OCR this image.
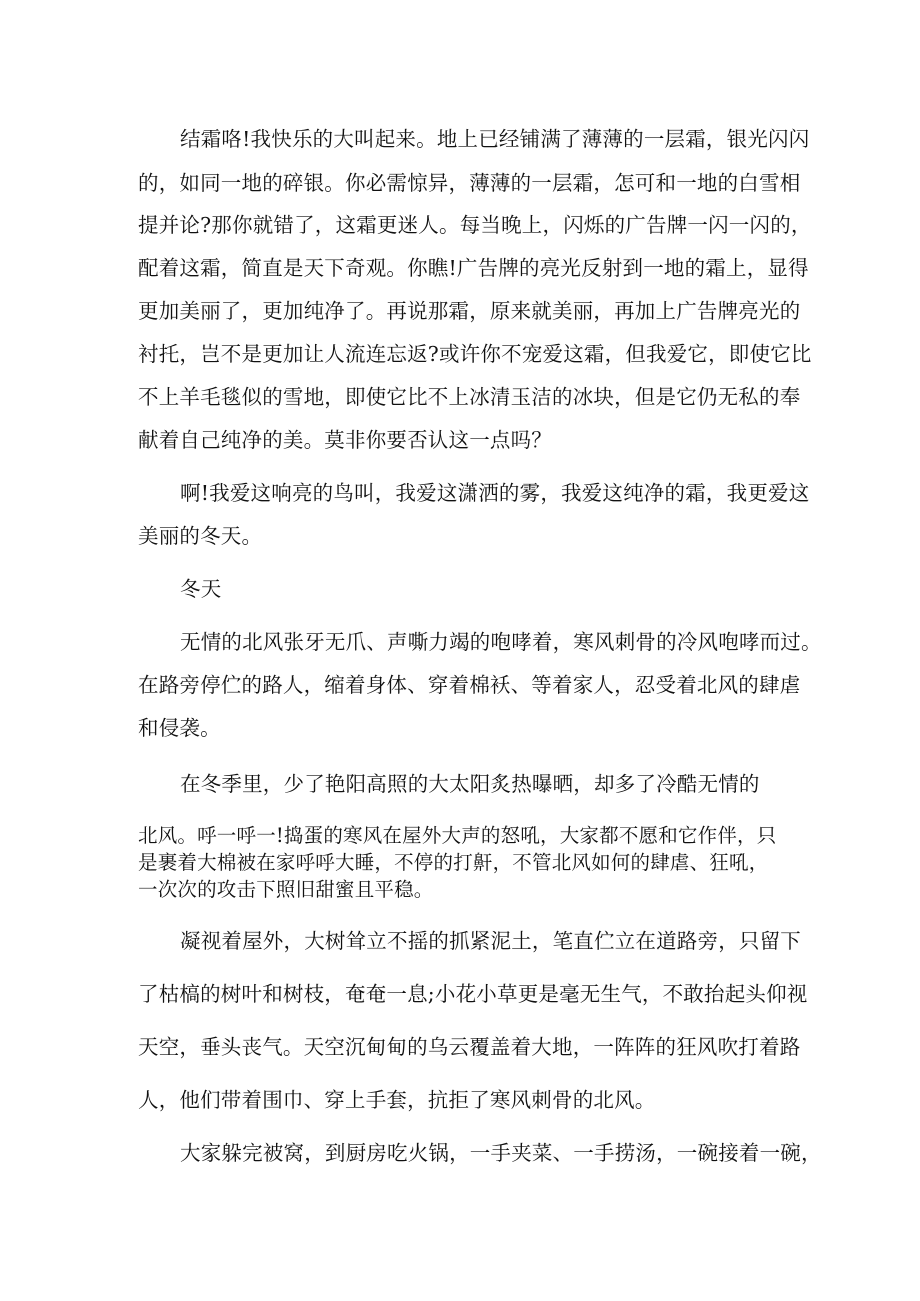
结霜咯!我快乐的大叫起来。地上已经铺满了薄薄的一层霜，银光闪闪
的，如同一地的碎银。你必需惊异，薄薄的一层霜，怎可和一地的白雪相
提并论?那你就错了，这霜更迷人。每当晚上，闪烁的广告牌一闪一闪的，
配着这霜，简直是天下奇观。你瞧!广告牌的亮光反射到一地的霜上，显得
更加美丽了，更加纯净了。再说那霜，原来就美丽，再加上广告牌亮光的
衬托，岂不是更加让人流连忘返?或许你不宠爱这霜，但我爱它，即使它比
不上羊毛毯似的雪地，即使它比不上冰清玉洁的冰块，但是它仍无私的奉
献着自己纯净的美。莫非你要否认这一点吗？
啊!我爱这响亮的鸟叫，我爱这潇洒的雾，我爱这纯净的霜，我更爱这
美丽的冬天。
冬天
无情的北风张牙无爪、声嘶力竭的咆哮着，寒风刺骨的冷风咆哮而过。
在路旁停伫的路人，缩着身体、穿着棉袄、等着家人，忍受着北风的肆虐
和侵袭。
在冬季里，少了艳阳高照的大太阳炙热曝晒，却多了冷酷无情的
北风。呼一呼一!捣蛋的寒风在屋外大声的怒吼，大家都不愿和它作伴，只
是裹着大棉被在家呼呼大睡，不停的打鼾，不管北风如何的肆虐、狂吼，
一次次的攻击下照旧甜蜜且平稳。
凝视着屋外，大树耸立不摇的抓紧泥土，笔直伫立在道路旁，只留下
了枯槁的树叶和树枝，奄奄一息;小花小草更是毫无生气，不敢抬起头仰视
天空，垂头丧气。天空沉甸甸的乌云覆盖着大地，一阵阵的狂风吹打着路
人，他们带着围巾、穿上手套，抗拒了寒风刺骨的北风。
大家躲完被窝，到厨房吃火锅，一手夹菜、一手捞汤，一碗接着一碗，
